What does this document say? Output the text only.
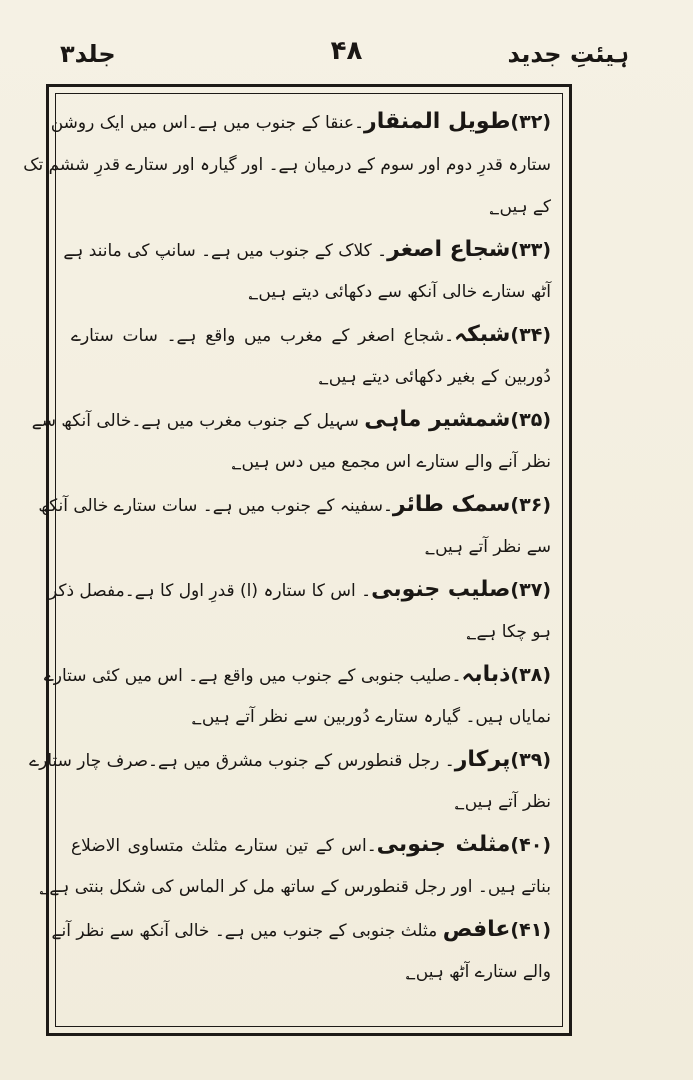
جلد۳	۴۸	ہیئتِ جدید
(۳۲)طویل المنقار۔عنقا کے جنوب میں ہے۔اس میں ایک روشن
ستارہ قدرِ دوم اور سوم کے درمیان ہے۔ اور گیارہ اور ستارے قدرِ ششم تک
کے ہیں؂
(۳۳)شجاع اصغر۔ کلاک کے جنوب میں ہے۔ سانپ کی مانند ہے
آٹھ ستارے خالی آنکھ سے دکھائی دیتے ہیں؂
(۳۴)شبکہ۔شجاع اصغر کے مغرب میں واقع ہے۔ سات ستارے
دُوربین کے بغیر دکھائی دیتے ہیں؂
(۳۵)شمشیر ماہی سہیل کے جنوب مغرب میں ہے۔خالی آنکھ سے
نظر آنے والے ستارے اس مجمع میں دس ہیں؂
(۳۶)سمک طائر۔سفینہ کے جنوب میں ہے۔ سات ستارے خالی آنکھ
سے نظر آتے ہیں؂
(۳۷)صلیب جنوبی۔ اس کا ستارہ (ا) قدرِ اول کا ہے۔مفصل ذکر
ہو چکا ہے؂
(۳۸)ذبابہ۔صلیب جنوبی کے جنوب میں واقع ہے۔ اس میں کئی ستارے
نمایاں ہیں۔ گیارہ ستارے دُوربین سے نظر آتے ہیں؂
(۳۹)پرکار۔ رجل قنطورس کے جنوب مشرق میں ہے۔صرف چار ستارے
نظر آتے ہیں؂
(۴۰)مثلث جنوبی۔اس کے تین ستارے مثلث متساوی الاضلاع
بناتے ہیں۔ اور رجل قنطورس کے ساتھ مل کر الماس کی شکل بنتی ہے؂
(۴۱)عافص مثلث جنوبی کے جنوب میں ہے۔ خالی آنکھ سے نظر آنے
والے ستارے آٹھ ہیں؂
